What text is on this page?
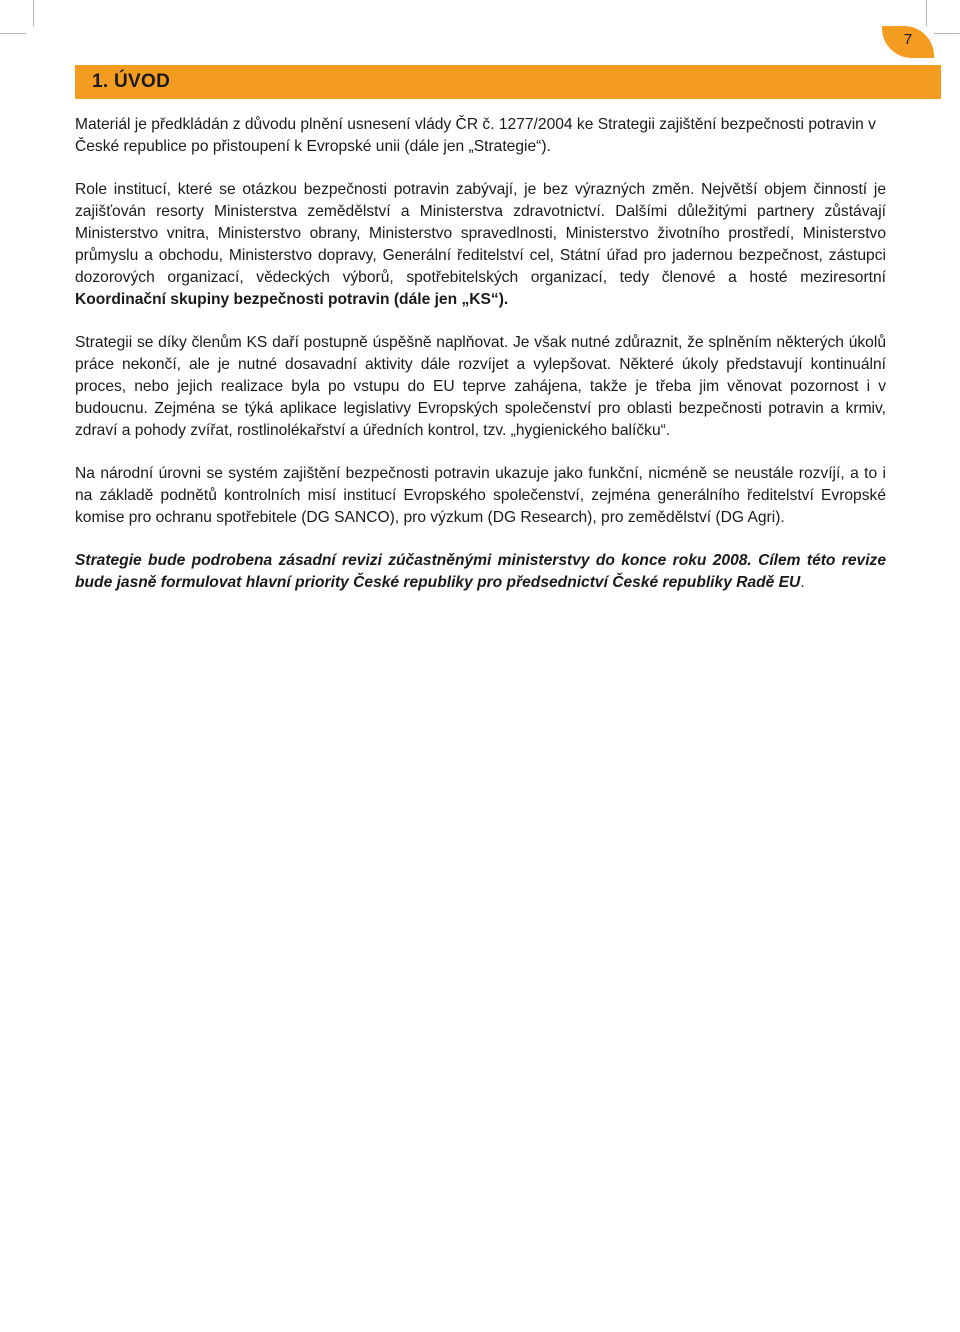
7
1. ÚVOD

Materiál je předkládán z důvodu plnění usnesení vlády ČR č. 1277/2004 ke Strategii zajištění bezpečnosti potravin v České republice po přistoupení k Evropské unii (dále jen „Strategie“).

Role institucí, které se otázkou bezpečnosti potravin zabývají, je bez výrazných změn. Největší objem činností je zajišťován resorty Ministerstva zemědělství a Ministerstva zdravotnictví. Dalšími důležitými partnery zůstávají Ministerstvo vnitra, Ministerstvo obrany, Ministerstvo spravedlnosti, Ministerstvo životního prostředí, Ministerstvo průmyslu a obchodu, Ministerstvo dopravy, Generální ředitelství cel, Státní úřad pro jadernou bezpečnost, zástupci dozorových organizací, vědeckých výborů, spotřebitelských organizací, tedy členové a hosté meziresortní Koordinační skupiny bezpečnosti potravin (dále jen „KS“).

Strategii se díky členům KS daří postupně úspěšně naplňovat. Je však nutné zdůraznit, že splněním některých úkolů práce nekončí, ale je nutné dosavadní aktivity dále rozvíjet a vylepšovat. Některé úkoly představují kontinuální proces, nebo jejich realizace byla po vstupu do EU teprve zahájena, takže je třeba jim věnovat pozornost i v budoucnu. Zejména se týká aplikace legislativy Evropských společenství pro oblasti bezpečnosti potravin a krmiv, zdraví a pohody zvířat, rostlinolékařství a úředních kontrol, tzv. „hygienického balíčku“.

Na národní úrovni se systém zajištění bezpečnosti potravin ukazuje jako funkční, nicméně se neustále rozvíjí, a to i na základě podnětů kontrolních misí institucí Evropského společenství, zejména generálního ředitelství Evropské komise pro ochranu spotřebitele (DG SANCO), pro výzkum (DG Research), pro zemědělství (DG Agri).

Strategie bude podrobena zásadní revizi zúčastněnými ministerstvy do konce roku 2008. Cílem této revize bude jasně formulovat hlavní priority České republiky pro předsednictví České republiky Radě EU.
